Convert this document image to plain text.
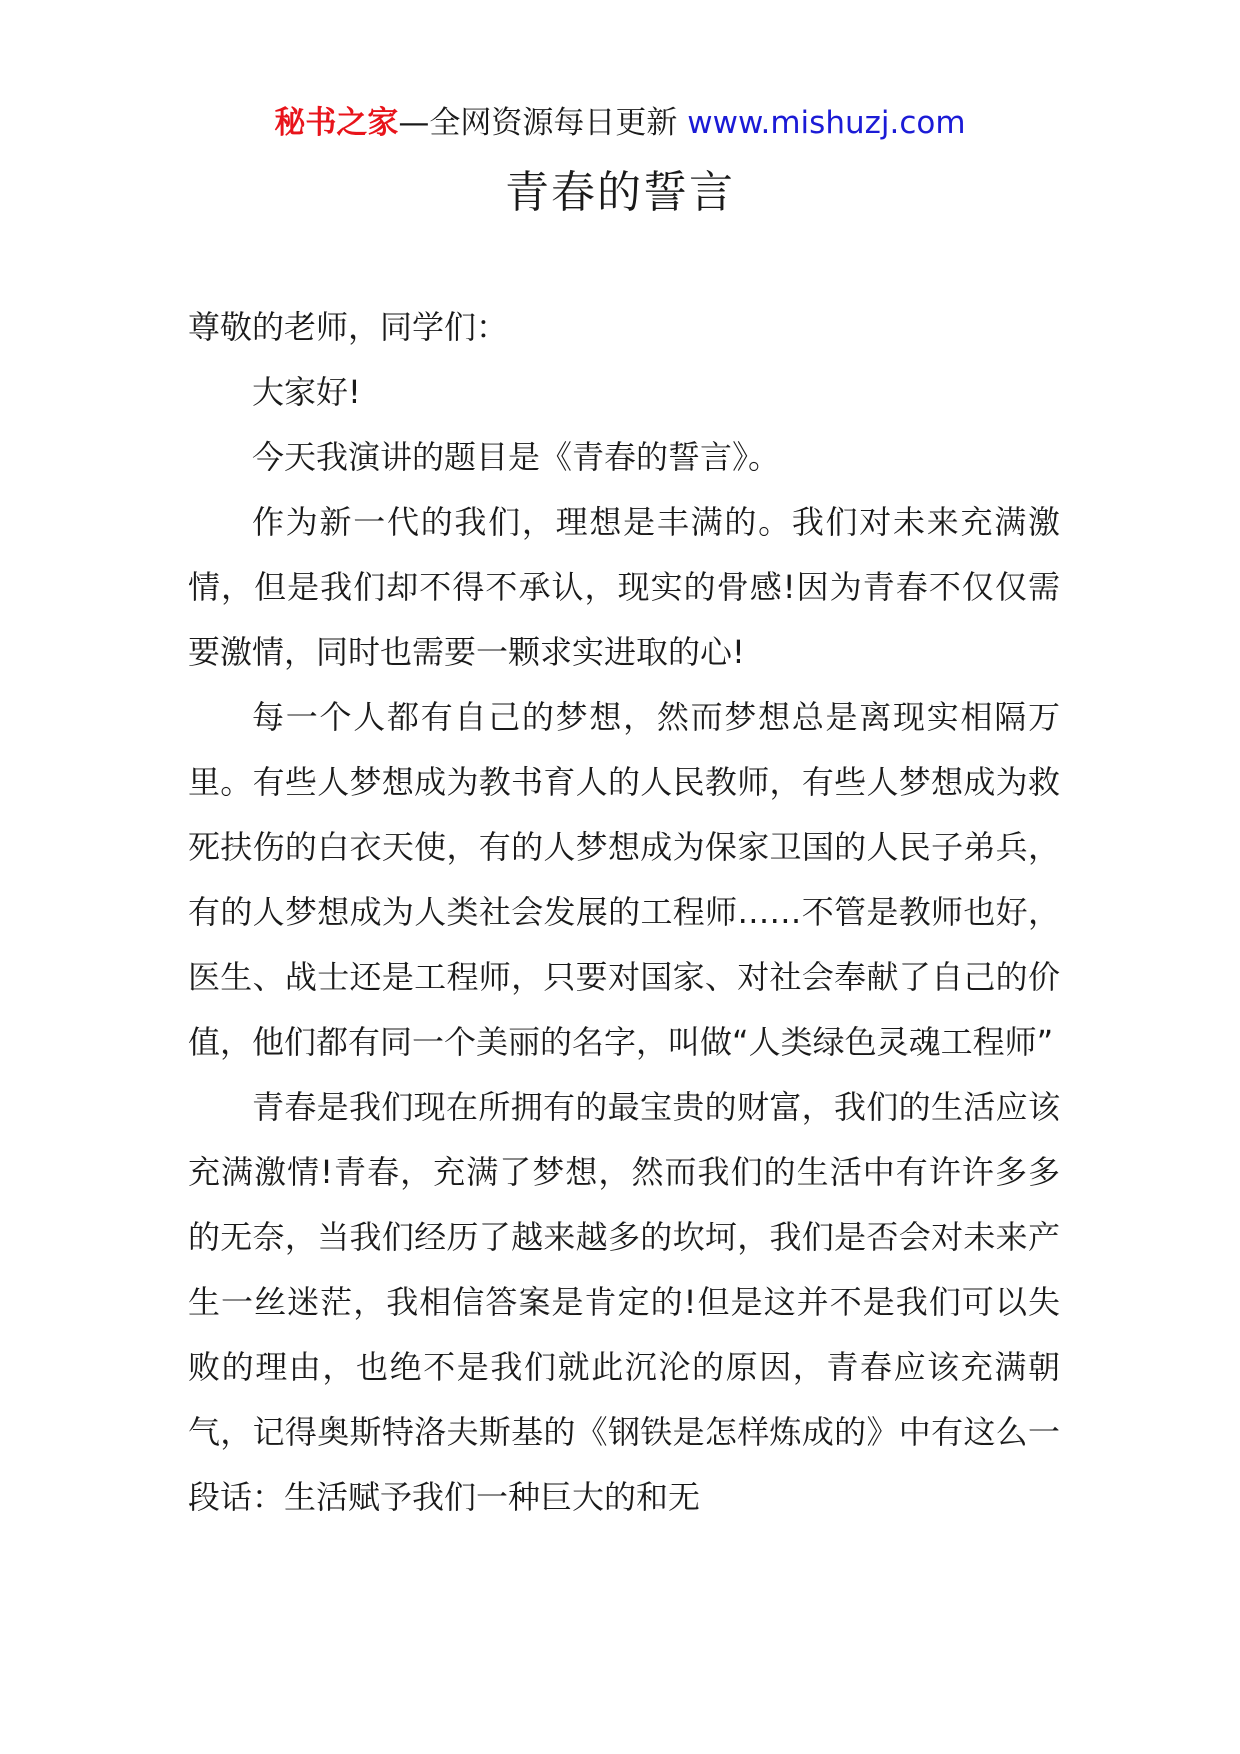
秘书之家—全网资源每日更新 www.mishuzj.com
青春的誓言

尊敬的老师，同学们：

大家好!

今天我演讲的题目是《青春的誓言》。

作为新一代的我们，理想是丰满的。我们对未来充满激情，但是我们却不得不承认，现实的骨感!因为青春不仅仅需要激情，同时也需要一颗求实进取的心!

每一个人都有自己的梦想，然而梦想总是离现实相隔万里。有些人梦想成为教书育人的人民教师，有些人梦想成为救死扶伤的白衣天使，有的人梦想成为保家卫国的人民子弟兵，有的人梦想成为人类社会发展的工程师……不管是教师也好，医生、战士还是工程师，只要对国家、对社会奉献了自己的价值，他们都有同一个美丽的名字，叫做“人类绿色灵魂工程师”

青春是我们现在所拥有的最宝贵的财富，我们的生活应该充满激情!青春，充满了梦想，然而我们的生活中有许许多多的无奈，当我们经历了越来越多的坎坷，我们是否会对未来产生一丝迷茫，我相信答案是肯定的!但是这并不是我们可以失败的理由，也绝不是我们就此沉沦的原因，青春应该充满朝气，记得奥斯特洛夫斯基的《钢铁是怎样炼成的》中有这么一段话：生活赋予我们一种巨大的和无
